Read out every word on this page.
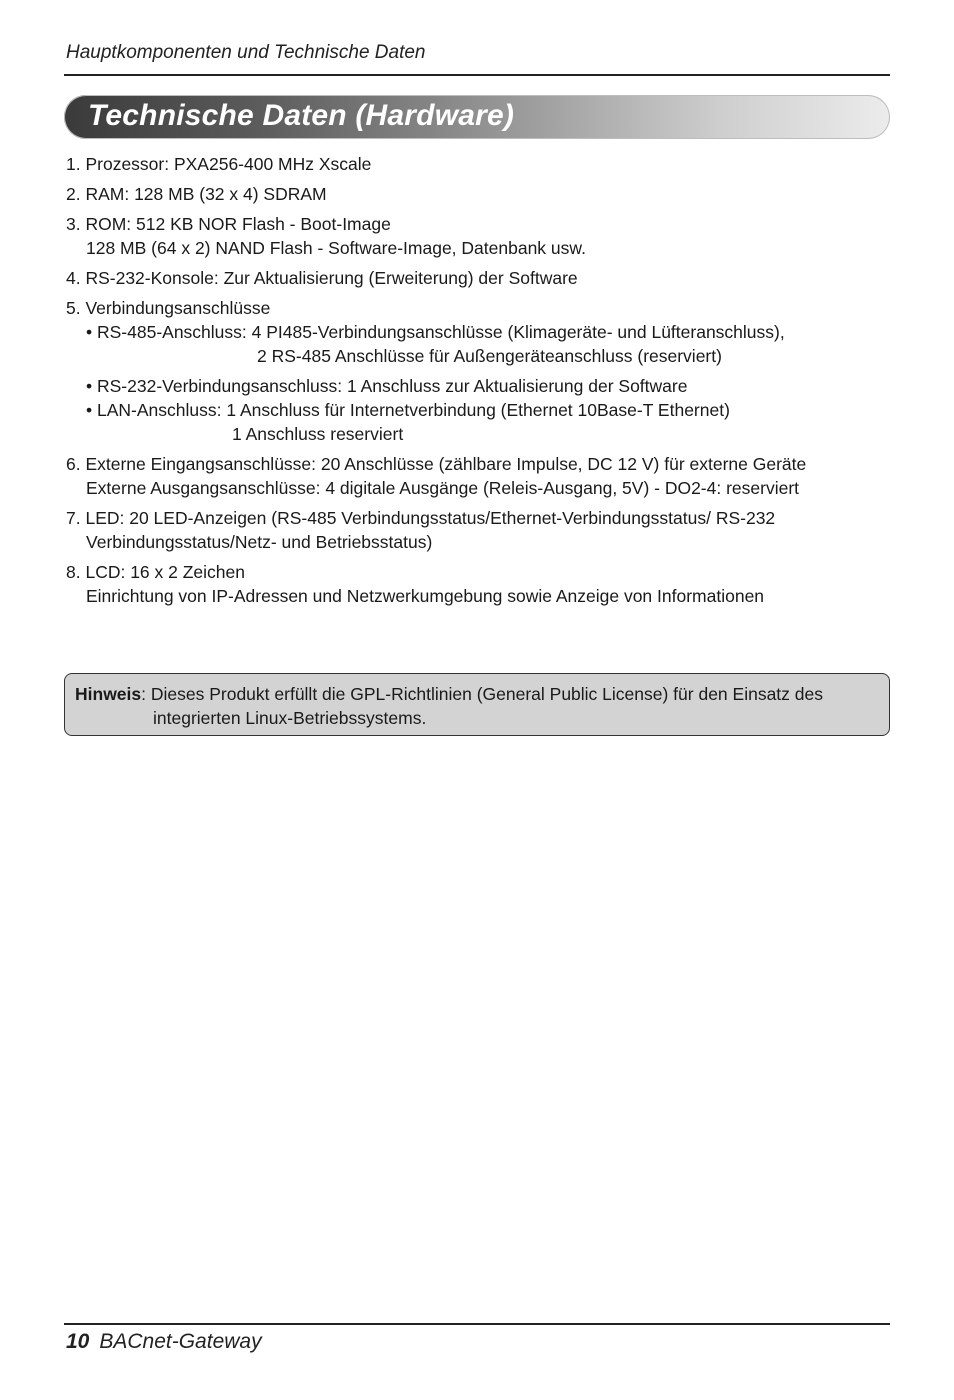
Hauptkomponenten und Technische Daten
Technische Daten (Hardware)
1. Prozessor: PXA256-400 MHz Xscale
2. RAM: 128 MB (32 x 4) SDRAM
3. ROM: 512 KB NOR Flash - Boot-Image
128 MB (64 x 2) NAND Flash - Software-Image, Datenbank usw.
4. RS-232-Konsole: Zur Aktualisierung (Erweiterung) der Software
5. Verbindungsanschlüsse
• RS-485-Anschluss: 4 PI485-Verbindungsanschlüsse (Klimageräte- und Lüfteranschluss),
2 RS-485 Anschlüsse für Außengeräteanschluss (reserviert)
• RS-232-Verbindungsanschluss: 1 Anschluss zur Aktualisierung der Software
• LAN-Anschluss: 1 Anschluss für Internetverbindung (Ethernet 10Base-T Ethernet)
1 Anschluss reserviert
6. Externe Eingangsanschlüsse: 20 Anschlüsse (zählbare Impulse, DC 12 V) für externe Geräte
Externe Ausgangsanschlüsse: 4 digitale Ausgänge (Releis-Ausgang, 5V) - DO2-4: reserviert
7. LED: 20 LED-Anzeigen (RS-485 Verbindungsstatus/Ethernet-Verbindungsstatus/ RS-232
Verbindungsstatus/Netz- und Betriebsstatus)
8. LCD: 16 x 2 Zeichen
Einrichtung von IP-Adressen und Netzwerkumgebung sowie Anzeige von Informationen
Hinweis: Dieses Produkt erfüllt die GPL-Richtlinien (General Public License) für den Einsatz des
integrierten Linux-Betriebssystems.
10 BACnet-Gateway
